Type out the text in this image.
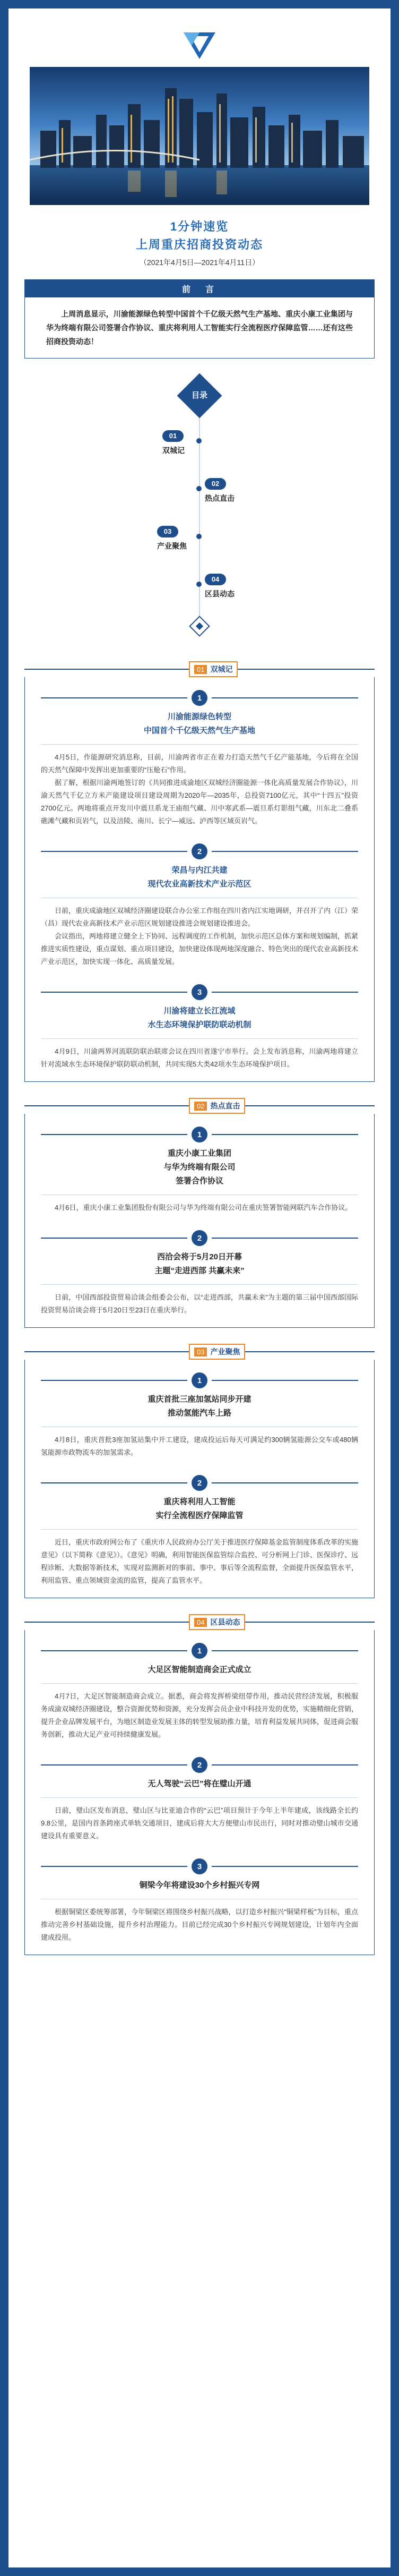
1分钟速览
上周重庆招商投资动态
（2021年4月5日—2021年4月11日）
前　言
上周消息显示，川渝能源绿色转型中国首个千亿级天然气生产基地、重庆小康工业集团与华为终端有限公司签署合作协议、重庆将利用人工智能实行全流程医疗保障监管……还有这些招商投资动态！
目录
01
双城记
02
热点直击
03
产业聚焦
04
区县动态
01 双城记
1
川渝能源绿色转型
中国首个千亿级天然气生产基地

4月5日，作能源研究消息称，目前，川渝两省市正在着力打造天然气千亿产能基地，今后将在全国的天然气保障中发挥出更加重要的“压舱石”作用。

据了解，根据川渝两地签订的《共同推进成渝地区双城经济圈能源一体化高质量发展合作协议》，川渝天然气千亿立方米产能建设项目建设周期为2020年—2035年，总投资7100亿元，其中“十四五”投资2700亿元。两地将重点开发川中震旦系龙王庙组气藏、川中寒武系—震旦系灯影组气藏，川东北二叠系礁滩气藏和页岩气，以及涪陵、南川、长宁—威远、泸西等区域页岩气。

2
荣昌与内江共建
现代农业高新技术产业示范区

日前，重庆成渝地区双城经济圈建设联合办公室工作组在四川省内江实地调研，并召开了内（江）荣（昌）现代农业高新技术产业示范区规划建设推进会规划建设推进会。

会议指出，两地将建立健全上下协同、远程调度的工作机制，加快示范区总体方案和规划编制，抓紧推进实质性建设，重点谋划、重点项目建设，加快建设体现两地深度融合、特色突出的现代农业高新技术产业示范区，加快实现一体化、高质量发展。

3
川渝将建立长江流域
水生态环境保护联防联动机制

4月9日，川渝两界河流联防联治联席会议在四川省遂宁市举行。会上发布消息称，川渝两地将建立针对流域水生态环境保护联防联动机制，共同实现5大类42项水生态环境保护项目。

02 热点直击
1
重庆小康工业集团
与华为终端有限公司
签署合作协议

4月6日，重庆小康工业集团股份有限公司与华为终端有限公司在重庆签署智能网联汽车合作协议。

2
西洽会将于5月20日开幕
主题“走进西部 共赢未来”

日前，中国西部投资贸易洽谈会组委会公布，以“走进西部，共赢未来”为主题的第三届中国西部国际投资贸易洽谈会将于5月20日至23日在重庆举行。

03 产业聚焦
1
重庆首批三座加氢站同步开建
推动氢能汽车上路

4月8日，重庆首批3座加氢站集中开工建设，建成投运后每天可满足约300辆氢能源公交车或480辆氢能源市政物流车的加氢需求。

2
重庆将利用人工智能
实行全流程医疗保障监管

近日，重庆市政府网公布了《重庆市人民政府办公厅关于推进医疗保障基金监管制度体系改革的实施意见》（以下简称《意见》）。《意见》明确，利用智能医保监管综合监控、可分析网上门诊、医保诊疗、远程诊断、大数据等新技术，实现对监测新对的事前、事中、事后等全流程监督，全面提升医保监管水平，利用监管、重点领域资金流的监管，提高了监管水平。

04 区县动态
1
大足区智能制造商会正式成立

4月7日，大足区智能制造商会成立。据悉，商会将发挥桥梁纽带作用，推动民营经济发展，积极服务成渝双城经济圈建设，整合资源优势和资源，充分发挥会员企业中科技开发的优势，实施精细化营销，提升企业品牌发展平台，为地区制造业发展主体的转型发展助推力量，培育利益发展共同体，促进商会服务创新，推动大足产业可持续健康发展。

2
无人驾驶“云巴”将在璧山开通

日前，璧山区发布消息，璧山区与比亚迪合作的“云巴”项目预计于今年上半年建成，该线路全长约9.8公里，是国内首条跨座式单轨交通项目，建成后将大大方便璧山市民出行，同时对推动璧山城市交通建设具有重要意义。

3
铜梁今年将建设30个乡村振兴专网

根据铜梁区委统筹部署，今年铜梁区将围绕乡村振兴战略，以打造乡村振兴“铜梁样板”为目标，重点推动完善乡村基础设施，提升乡村治理能力。目前已经完成30个乡村振兴专网规划建设，计划年内全面建成投用。
